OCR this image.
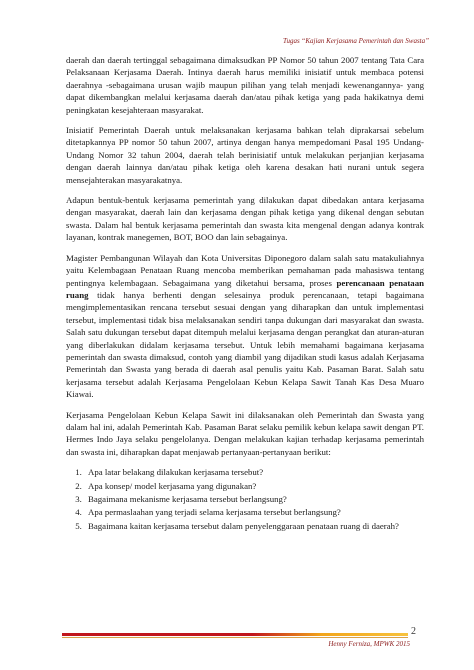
Tugas “Kajian Kerjasama Pemerintah dan Swasta”

daerah dan daerah tertinggal sebagaimana dimaksudkan PP Nomor 50 tahun 2007 tentang Tata Cara Pelaksanaan Kerjasama Daerah. Intinya daerah harus memiliki inisiatif untuk membaca potensi daerahnya -sebagaimana urusan wajib maupun pilihan yang telah menjadi kewenangannya- yang dapat dikembangkan melalui kerjasama daerah dan/atau pihak ketiga yang pada hakikatnya demi peningkatan kesejahteraan masyarakat.

Inisiatif Pemerintah Daerah untuk melaksanakan kerjasama bahkan telah diprakarsai sebelum ditetapkannya PP nomor 50 tahun 2007, artinya dengan hanya mempedomani Pasal 195 Undang-Undang Nomor 32 tahun 2004, daerah telah berinisiatif untuk melakukan perjanjian kerjasama dengan daerah lainnya dan/atau pihak ketiga oleh karena desakan hati nurani untuk segera mensejahterakan masyarakatnya.

Adapun bentuk-bentuk kerjasama pemerintah yang dilakukan dapat dibedakan antara kerjasama dengan masyarakat, daerah lain dan kerjasama dengan pihak ketiga yang dikenal dengan sebutan swasta. Dalam hal bentuk kerjasama pemerintah dan swasta kita mengenal dengan adanya kontrak layanan, kontrak manegemen, BOT, BOO dan lain sebagainya.

Magister Pembangunan Wilayah dan Kota Universitas Diponegoro dalam salah satu matakuliahnya yaitu Kelembagaan Penataan Ruang mencoba memberikan pemahaman pada mahasiswa tentang pentingnya kelembagaan. Sebagaimana yang diketahui bersama, proses perencanaan penataan ruang tidak hanya berhenti dengan selesainya produk perencanaan, tetapi bagaimana mengimplementasikan rencana tersebut sesuai dengan yang diharapkan dan untuk implementasi tersebut, implementasi tidak bisa melaksanakan sendiri tanpa dukungan dari masyarakat dan swasta. Salah satu dukungan tersebut dapat ditempuh melalui kerjasama dengan perangkat dan aturan-aturan yang diberlakukan didalam kerjasama tersebut. Untuk lebih memahami bagaimana kerjasama pemerintah dan swasta dimaksud, contoh yang diambil yang dijadikan studi kasus adalah Kerjasama Pemerintah dan Swasta yang berada di daerah asal penulis yaitu Kab. Pasaman Barat. Salah satu kerjasama tersebut adalah Kerjasama Pengelolaan Kebun Kelapa Sawit Tanah Kas Desa Muaro Kiawai.

Kerjasama Pengelolaan Kebun Kelapa Sawit ini dilaksanakan oleh Pemerintah dan Swasta yang dalam hal ini, adalah Pemerintah Kab. Pasaman Barat selaku pemilik kebun kelapa sawit dengan PT. Hermes Indo Jaya selaku pengelolanya. Dengan melakukan kajian terhadap kerjasama pemerintah dan swasta ini, diharapkan dapat menjawab pertanyaan-pertanyaan berikut:

1. Apa latar belakang dilakukan kerjasama tersebut?
2. Apa konsep/ model kerjasama yang digunakan?
3. Bagaimana mekanisme kerjasama tersebut berlangsung?
4. Apa permaslaahan yang terjadi selama kerjasama tersebut berlangsung?
5. Bagaimana kaitan kerjasama tersebut dalam penyelenggaraan penataan ruang di daerah?
2
Henny Ferniza, MPWK 2015
